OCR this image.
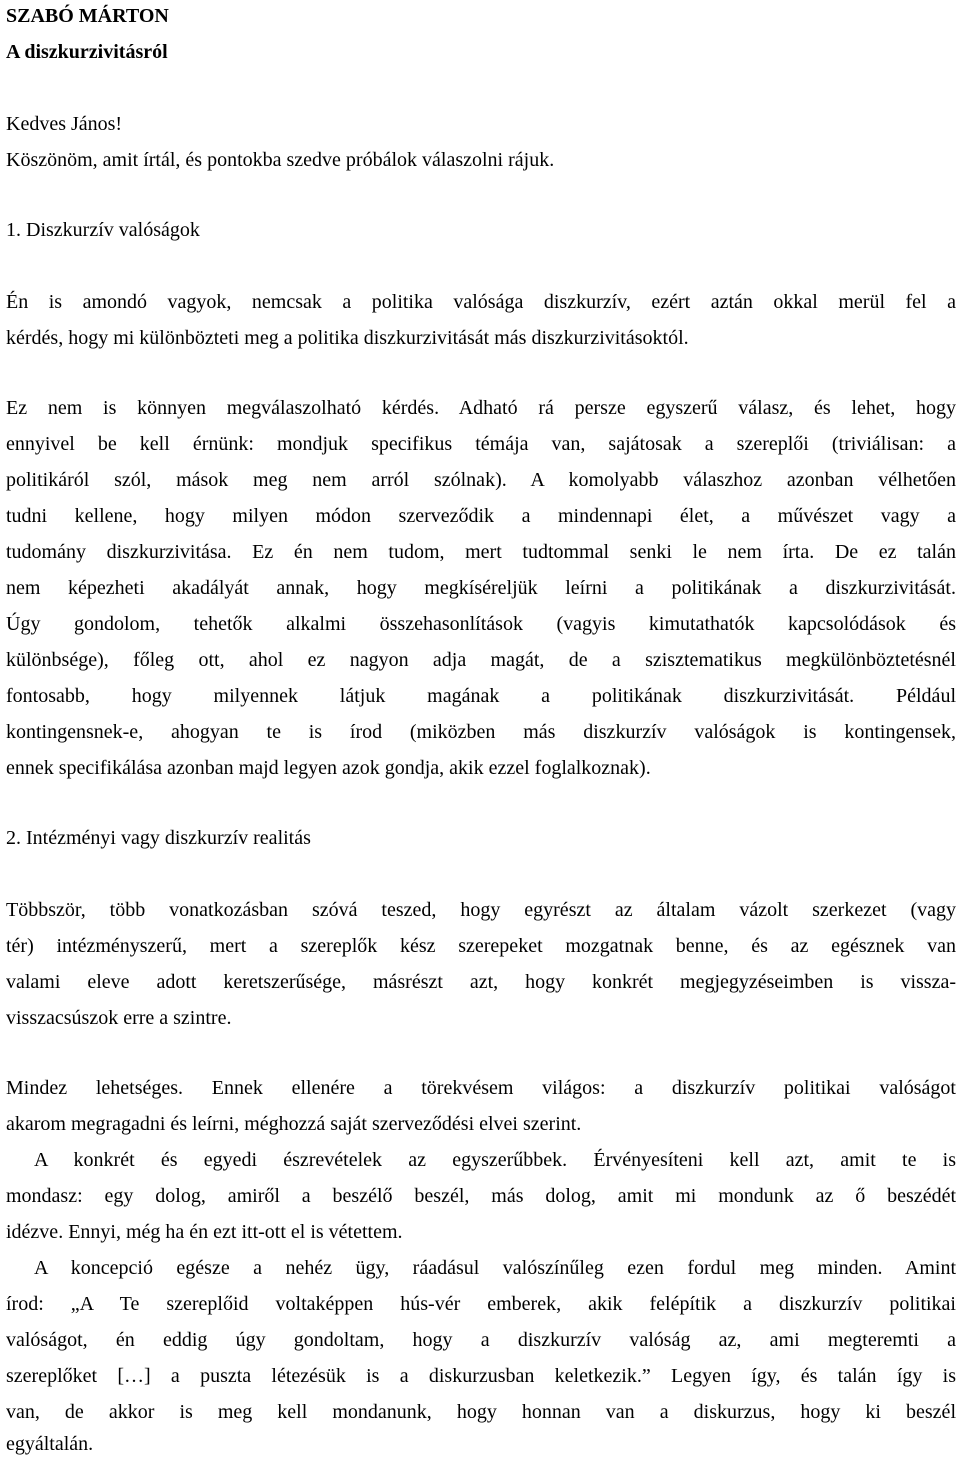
SZABÓ MÁRTON
A diszkurzivitásról
Kedves János!
Köszönöm, amit írtál, és pontokba szedve próbálok válaszolni rájuk.
1. Diszkurzív valóságok
Én is amondó vagyok, nemcsak a politika valósága diszkurzív, ezért aztán okkal merül fel a
kérdés, hogy mi különbözteti meg a politika diszkurzivitását más diszkurzivitásoktól.
Ez nem is könnyen megválaszolható kérdés. Adható rá persze egyszerű válasz, és lehet, hogy
ennyivel be kell érnünk: mondjuk specifikus témája van, sajátosak a szereplői (triviálisan: a
politikáról szól, mások meg nem arról szólnak). A komolyabb válaszhoz azonban vélhetően
tudni kellene, hogy milyen módon szerveződik a mindennapi élet, a művészet vagy a
tudomány diszkurzivitása. Ez én nem tudom, mert tudtommal senki le nem írta. De ez talán
nem képezheti akadályát annak, hogy megkíséreljük leírni a politikának a diszkurzivitását.
Úgy gondolom, tehetők alkalmi összehasonlítások (vagyis kimutathatók kapcsolódások és
különbsége), főleg ott, ahol ez nagyon adja magát, de a szisztematikus megkülönböztetésnél
fontosabb, hogy milyennek látjuk magának a politikának diszkurzivitását. Például
kontingensnek-e, ahogyan te is írod (miközben más diszkurzív valóságok is kontingensek,
ennek specifikálása azonban majd legyen azok gondja, akik ezzel foglalkoznak).
2. Intézményi vagy diszkurzív realitás
Többször, több vonatkozásban szóvá teszed, hogy egyrészt az általam vázolt szerkezet (vagy
tér) intézményszerű, mert a szereplők kész szerepeket mozgatnak benne, és az egésznek van
valami eleve adott keretszerűsége, másrészt azt, hogy konkrét megjegyzéseimben is vissza-
visszacsúszok erre a szintre.
Mindez lehetséges. Ennek ellenére a törekvésem világos: a diszkurzív politikai valóságot
akarom megragadni és leírni, méghozzá saját szerveződési elvei szerint.
A konkrét és egyedi észrevételek az egyszerűbbek. Érvényesíteni kell azt, amit te is
mondasz: egy dolog, amiről a beszélő beszél, más dolog, amit mi mondunk az ő beszédét
idézve. Ennyi, még ha én ezt itt-ott el is vétettem.
A koncepció egésze a nehéz ügy, ráadásul valószínűleg ezen fordul meg minden. Amint
írod: „A Te szereplőid voltaképpen hús-vér emberek, akik felépítik a diszkurzív politikai
valóságot, én eddig úgy gondoltam, hogy a diszkurzív valóság az, ami megteremti a
szereplőket […] a puszta létezésük is a diskurzusban keletkezik.” Legyen így, és talán így is
van, de akkor is meg kell mondanunk, hogy honnan van a diskurzus, hogy ki beszél
egyáltalán.
